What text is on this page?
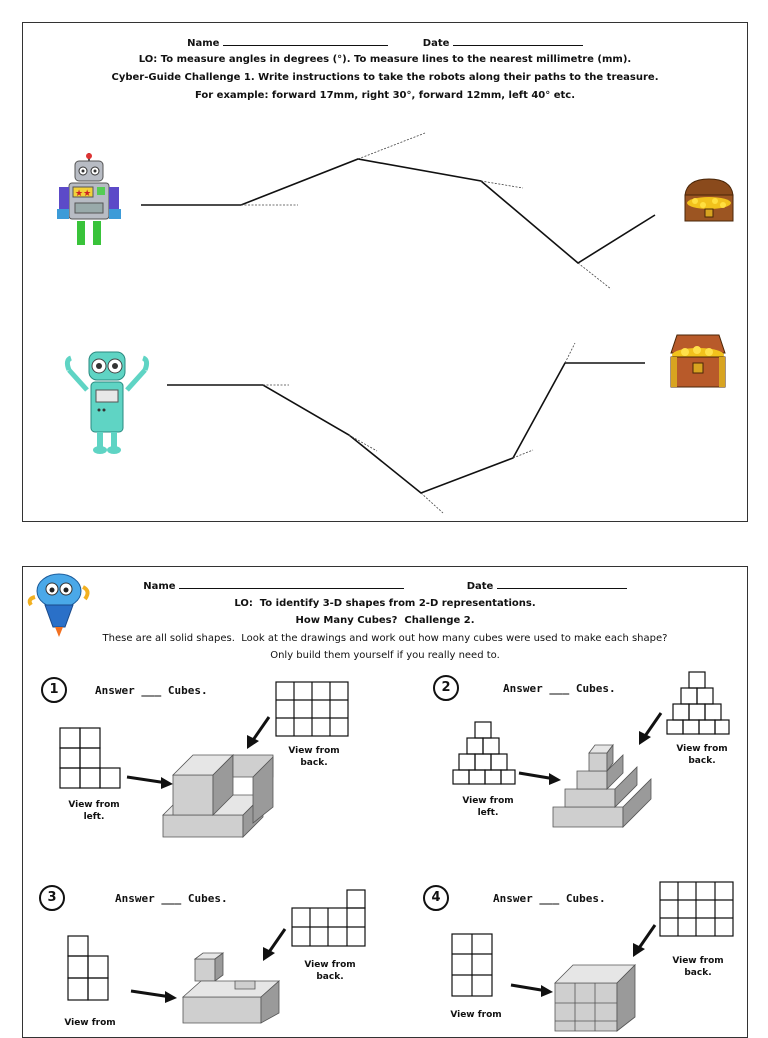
Name	Date
LO: To measure angles in degrees (°). To measure lines to the nearest millimetre (mm).
Cyber-Guide Challenge 1. Write instructions to take the robots along their paths to the treasure.
For example: forward 17mm, right 30°, forward 12mm, left 40° etc.
★★
Name	Date
LO:  To identify 3-D shapes from 2-D representations.
How Many Cubes?  Challenge 2.
These are all solid shapes.  Look at the drawings and work out how many cubes were used to make each shape?
Only build them yourself if you really need to.
1	Answer ___ Cubes.
View from left.
View from back.
2	Answer ___ Cubes.
View from left.
View from back.
3	Answer ___ Cubes.
View from
View from back.
4	Answer ___ Cubes.
View from
View from back.
